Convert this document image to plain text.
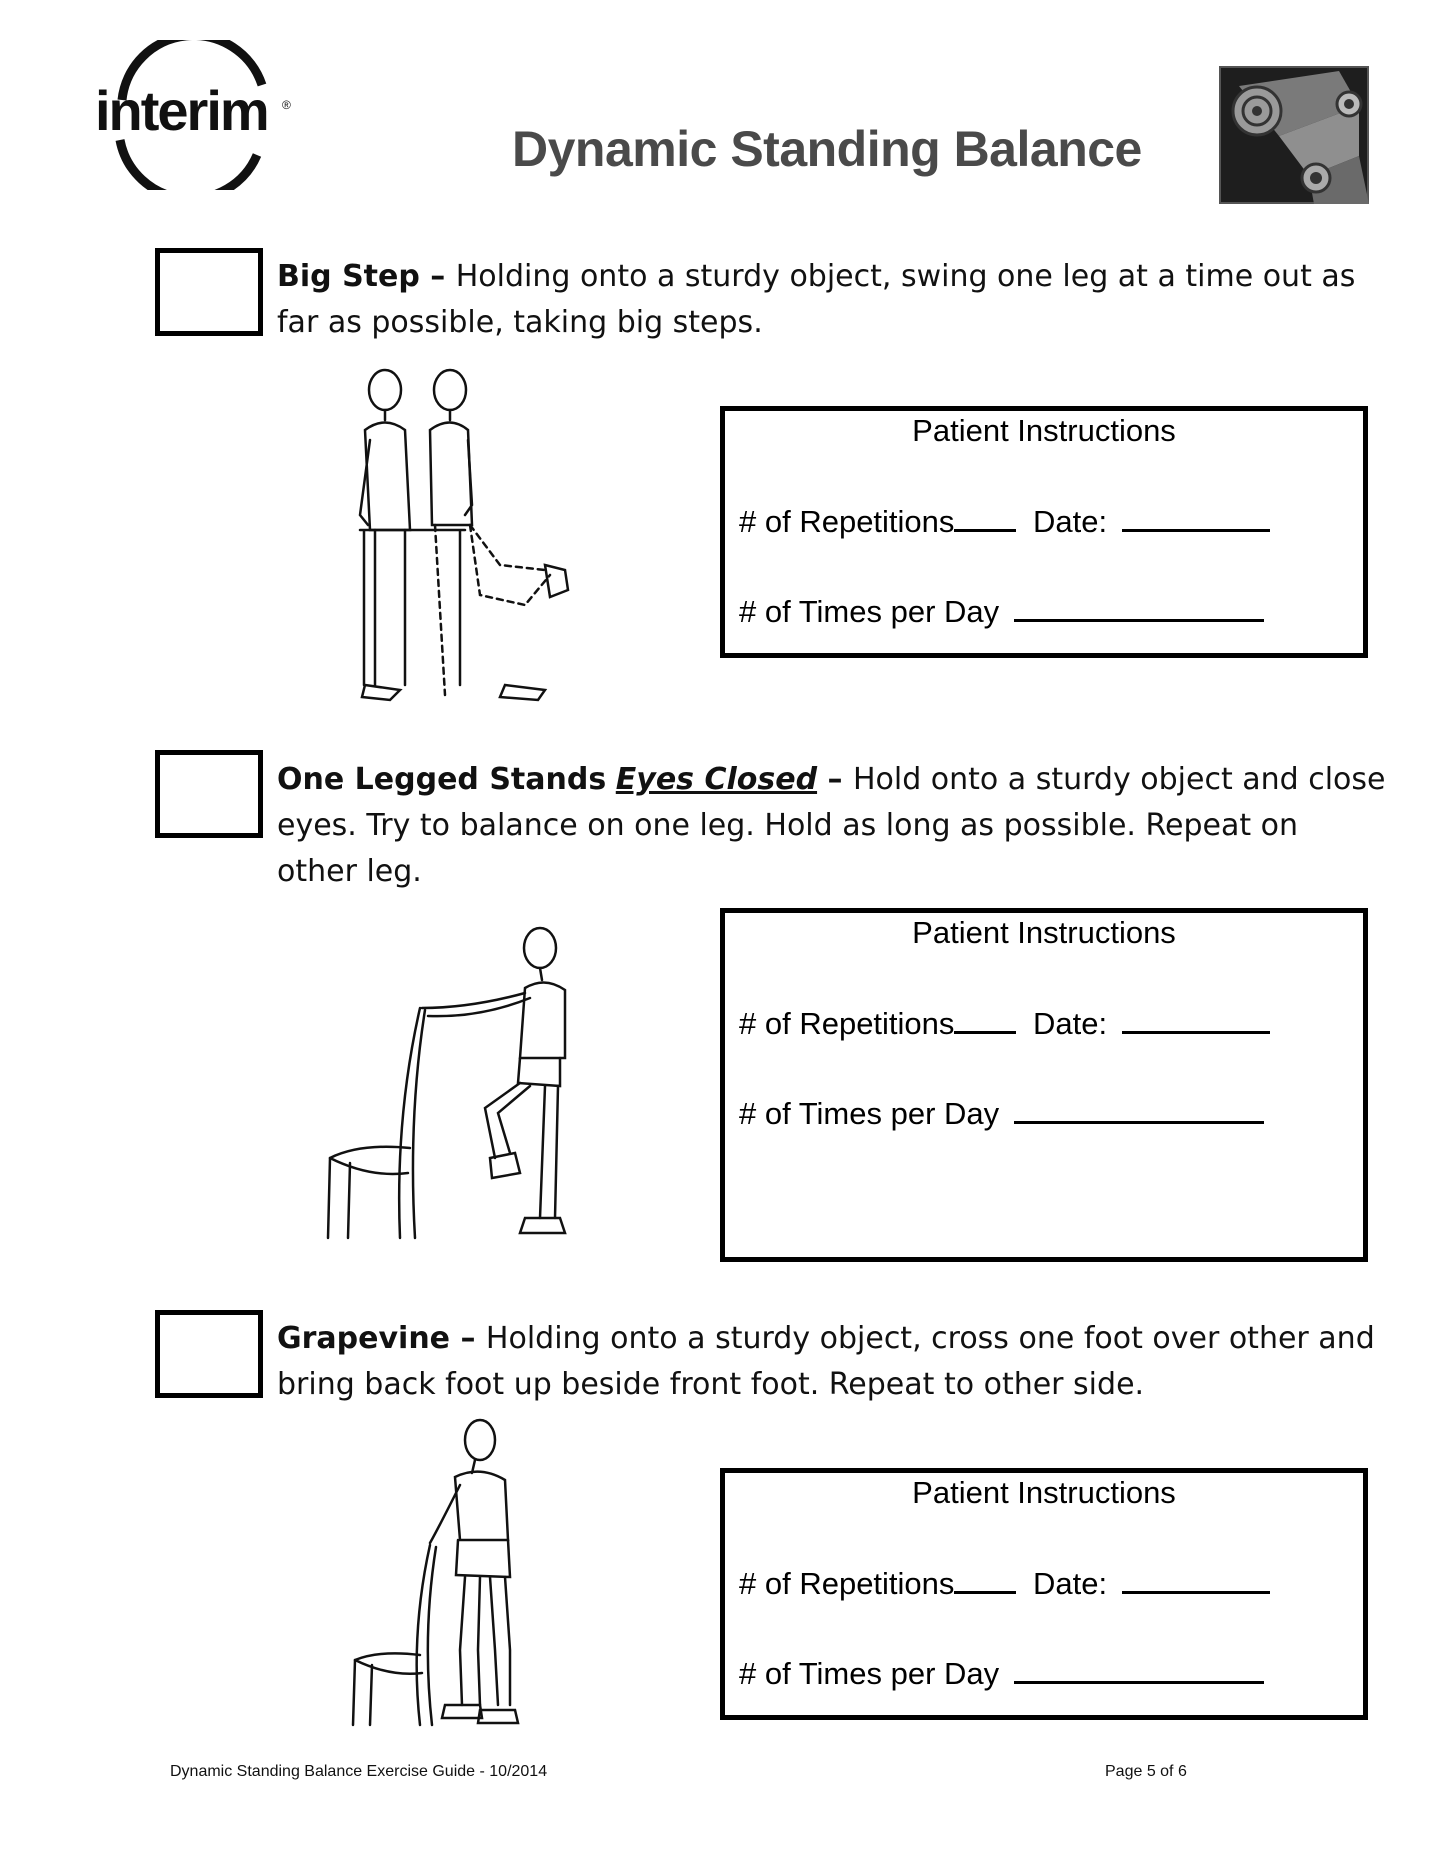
interim ®
Dynamic Standing Balance
Big Step – Holding onto a sturdy object, swing one leg at a time out as far as possible, taking big steps.
Patient Instructions
# of Repetitions	Date:
# of Times per Day
One Legged Stands Eyes Closed – Hold onto a sturdy object and close eyes. Try to balance on one leg. Hold as long as possible. Repeat on other leg.
Patient Instructions
# of Repetitions	Date:
# of Times per Day
Grapevine – Holding onto a sturdy object, cross one foot over other and bring back foot up beside front foot. Repeat to other side.
Patient Instructions
# of Repetitions	Date:
# of Times per Day
Dynamic Standing Balance Exercise Guide - 10/2014	Page 5 of 6
